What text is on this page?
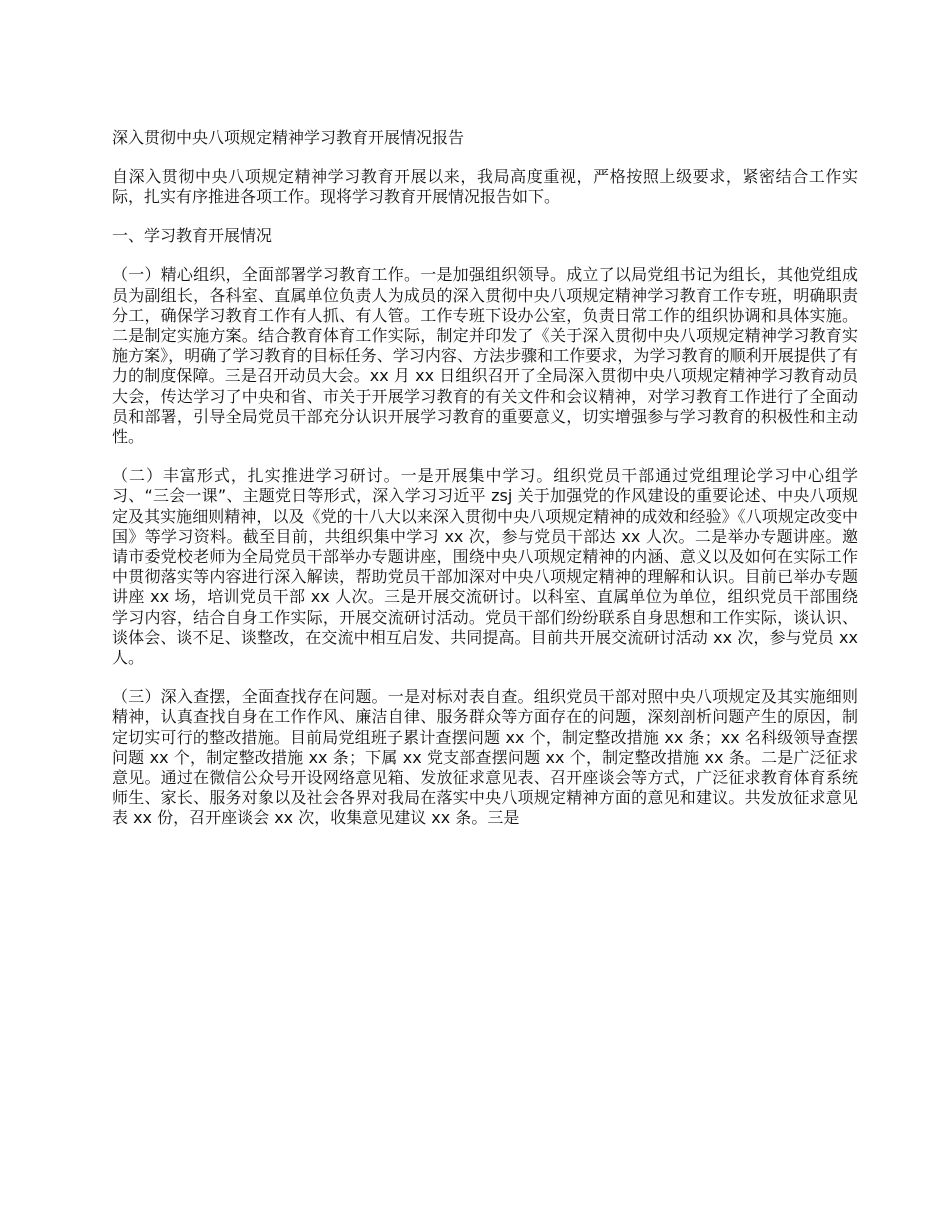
深入贯彻中央八项规定精神学习教育开展情况报告

自深入贯彻中央八项规定精神学习教育开展以来，我局高度重视，严格按照上级要求，紧密结合工作实际，扎实有序推进各项工作。现将学习教育开展情况报告如下。

一、学习教育开展情况

（一）精心组织，全面部署学习教育工作。一是加强组织领导。成立了以局党组书记为组长，其他党组成员为副组长，各科室、直属单位负责人为成员的深入贯彻中央八项规定精神学习教育工作专班，明确职责分工，确保学习教育工作有人抓、有人管。工作专班下设办公室，负责日常工作的组织协调和具体实施。二是制定实施方案。结合教育体育工作实际，制定并印发了《关于深入贯彻中央八项规定精神学习教育实施方案》，明确了学习教育的目标任务、学习内容、方法步骤和工作要求，为学习教育的顺利开展提供了有力的制度保障。三是召开动员大会。xx 月 xx 日组织召开了全局深入贯彻中央八项规定精神学习教育动员大会，传达学习了中央和省、市关于开展学习教育的有关文件和会议精神，对学习教育工作进行了全面动员和部署，引导全局党员干部充分认识开展学习教育的重要意义，切实增强参与学习教育的积极性和主动性。

（二）丰富形式，扎实推进学习研讨。一是开展集中学习。组织党员干部通过党组理论学习中心组学习、“三会一课”、主题党日等形式，深入学习习近平 zsj 关于加强党的作风建设的重要论述、中央八项规定及其实施细则精神，以及《党的十八大以来深入贯彻中央八项规定精神的成效和经验》《八项规定改变中国》等学习资料。截至目前，共组织集中学习 xx 次，参与党员干部达 xx 人次。二是举办专题讲座。邀请市委党校老师为全局党员干部举办专题讲座，围绕中央八项规定精神的内涵、意义以及如何在实际工作中贯彻落实等内容进行深入解读，帮助党员干部加深对中央八项规定精神的理解和认识。目前已举办专题讲座 xx 场，培训党员干部 xx 人次。三是开展交流研讨。以科室、直属单位为单位，组织党员干部围绕学习内容，结合自身工作实际，开展交流研讨活动。党员干部们纷纷联系自身思想和工作实际，谈认识、谈体会、谈不足、谈整改，在交流中相互启发、共同提高。目前共开展交流研讨活动 xx 次，参与党员 xx 人。

（三）深入查摆，全面查找存在问题。一是对标对表自查。组织党员干部对照中央八项规定及其实施细则精神，认真查找自身在工作作风、廉洁自律、服务群众等方面存在的问题，深刻剖析问题产生的原因，制定切实可行的整改措施。目前局党组班子累计查摆问题 xx 个，制定整改措施 xx 条；xx 名科级领导查摆问题 xx 个，制定整改措施 xx 条；下属 xx 党支部查摆问题 xx 个，制定整改措施 xx 条。二是广泛征求意见。通过在微信公众号开设网络意见箱、发放征求意见表、召开座谈会等方式，广泛征求教育体育系统师生、家长、服务对象以及社会各界对我局在落实中央八项规定精神方面的意见和建议。共发放征求意见表 xx 份，召开座谈会 xx 次，收集意见建议 xx 条。三是
